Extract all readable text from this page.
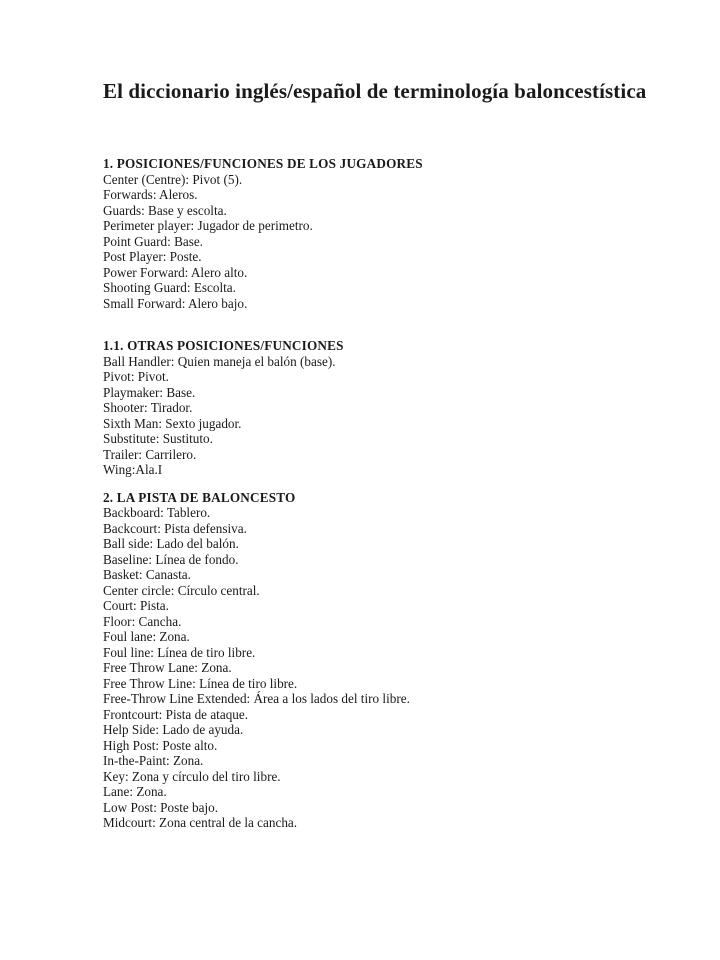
El diccionario inglés/español de terminología baloncestística
1. POSICIONES/FUNCIONES DE LOS JUGADORES
Center (Centre): Pivot (5).
Forwards: Aleros.
Guards: Base y escolta.
Perimeter player: Jugador de perimetro.
Point Guard: Base.
Post Player: Poste.
Power Forward: Alero alto.
Shooting Guard: Escolta.
Small Forward: Alero bajo.
1.1. OTRAS POSICIONES/FUNCIONES
Ball Handler: Quien maneja el balón (base).
Pivot: Pivot.
Playmaker: Base.
Shooter: Tirador.
Sixth Man: Sexto jugador.
Substitute: Sustituto.
Trailer: Carrilero.
Wing:Ala.I
2. LA PISTA DE BALONCESTO
Backboard: Tablero.
Backcourt: Pista defensiva.
Ball side: Lado del balón.
Baseline: Línea de fondo.
Basket: Canasta.
Center circle: Círculo central.
Court: Pista.
Floor: Cancha.
Foul lane: Zona.
Foul line: Línea de tiro libre.
Free Throw Lane: Zona.
Free Throw Line: Línea de tiro libre.
Free-Throw Line Extended: Área a los lados del tiro libre.
Frontcourt: Pista de ataque.
Help Side: Lado de ayuda.
High Post: Poste alto.
In-the-Paint: Zona.
Key: Zona y círculo del tiro libre.
Lane: Zona.
Low Post: Poste bajo.
Midcourt: Zona central de la cancha.
